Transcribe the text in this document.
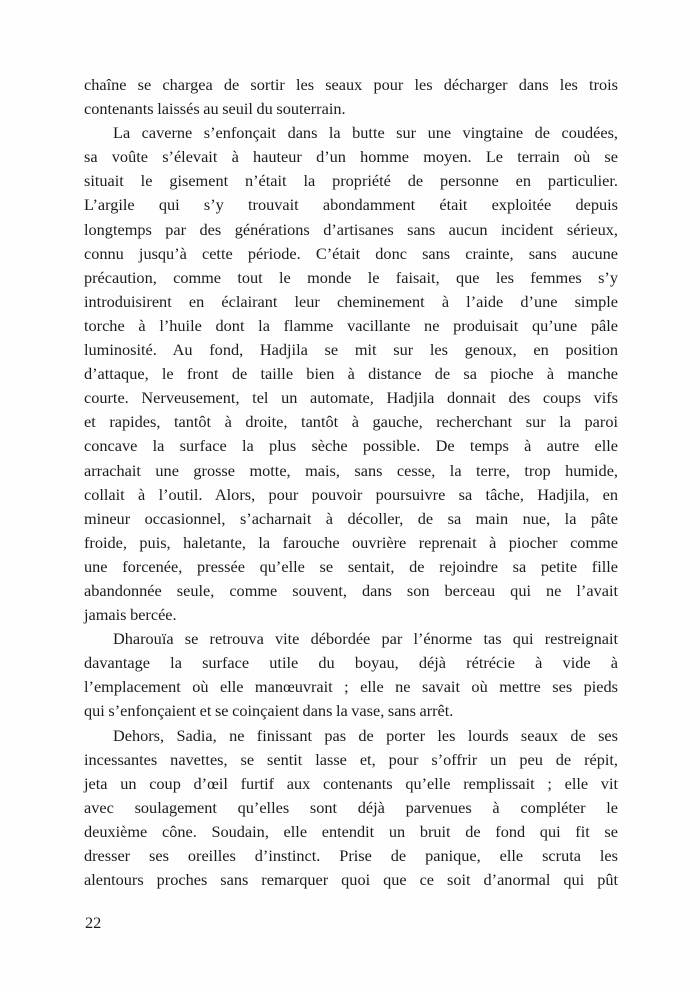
chaîne se chargea de sortir les seaux pour les décharger dans les trois
contenants laissés au seuil du souterrain.

La caverne s’enfonçait dans la butte sur une vingtaine de coudées,
sa voûte s’élevait à hauteur d’un homme moyen. Le terrain où se
situait le gisement n’était la propriété de personne en particulier.
L’argile qui s’y trouvait abondamment était exploitée depuis
longtemps par des générations d’artisanes sans aucun incident sérieux,
connu jusqu’à cette période. C’était donc sans crainte, sans aucune
précaution, comme tout le monde le faisait, que les femmes s’y
introduisirent en éclairant leur cheminement à l’aide d’une simple
torche à l’huile dont la flamme vacillante ne produisait qu’une pâle
luminosité. Au fond, Hadjila se mit sur les genoux, en position
d’attaque, le front de taille bien à distance de sa pioche à manche
courte. Nerveusement, tel un automate, Hadjila donnait des coups vifs
et rapides, tantôt à droite, tantôt à gauche, recherchant sur la paroi
concave la surface la plus sèche possible. De temps à autre elle
arrachait une grosse motte, mais, sans cesse, la terre, trop humide,
collait à l’outil. Alors, pour pouvoir poursuivre sa tâche, Hadjila, en
mineur occasionnel, s’acharnait à décoller, de sa main nue, la pâte
froide, puis, haletante, la farouche ouvrière reprenait à piocher comme
une forcenée, pressée qu’elle se sentait, de rejoindre sa petite fille
abandonnée seule, comme souvent, dans son berceau qui ne l’avait
jamais bercée.

Dharouïa se retrouva vite débordée par l’énorme tas qui restreignait
davantage la surface utile du boyau, déjà rétrécie à vide à
l’emplacement où elle manœuvrait ; elle ne savait où mettre ses pieds
qui s’enfonçaient et se coinçaient dans la vase, sans arrêt.

Dehors, Sadia, ne finissant pas de porter les lourds seaux de ses
incessantes navettes, se sentit lasse et, pour s’offrir un peu de répit,
jeta un coup d’œil furtif aux contenants qu’elle remplissait ; elle vit
avec soulagement qu’elles sont déjà parvenues à compléter le
deuxième cône. Soudain, elle entendit un bruit de fond qui fit se
dresser ses oreilles d’instinct. Prise de panique, elle scruta les
alentours proches sans remarquer quoi que ce soit d’anormal qui pût

22
